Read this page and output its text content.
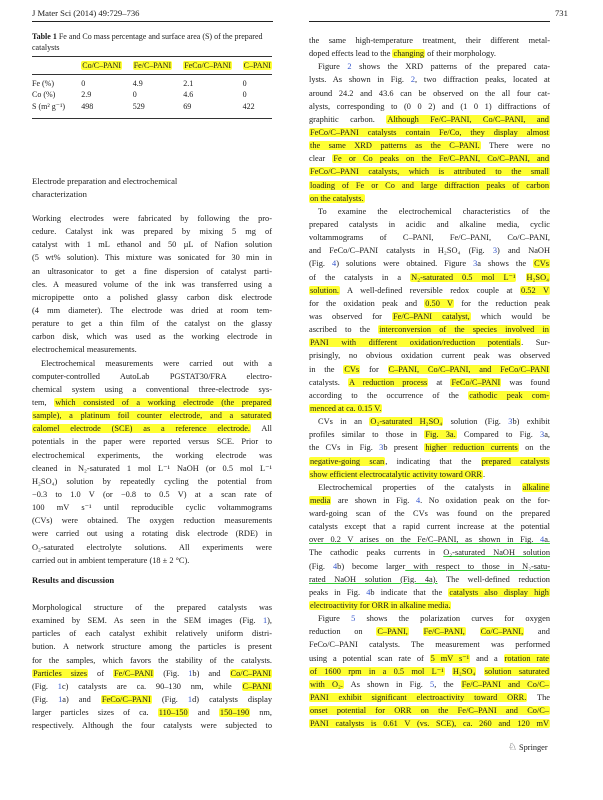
J Mater Sci (2014) 49:729–736	731
Table 1 Fe and Co mass percentage and surface area (S) of the prepared catalysts
	Co/C–PANI	Fe/C–PANI	FeCo/C–PANI	C–PANI
Fe (%)	0	4.9	2.1	0
Co (%)	2.9	0	4.6	0
S (m² g⁻¹)	498	529	69	422
Electrode preparation and electrochemical
characterization
Working electrodes were fabricated by following the pro-
cedure. Catalyst ink was prepared by mixing 5 mg of
catalyst with 1 mL ethanol and 50 µL of Nafion solution
(5 wt% solution). This mixture was sonicated for 30 min in
an ultrasonicator to get a fine dispersion of catalyst parti-
cles. A measured volume of the ink was transferred using a
micropipette onto a polished glassy carbon disk electrode
(4 mm diameter). The electrode was dried at room tem-
perature to get a thin film of the catalyst on the glassy
carbon disk, which was used as the working electrode in
electrochemical measurements.
Electrochemical measurements were carried out with a
computer-controlled AutoLab PGSTAT30/FRA electro-
chemical system using a conventional three-electrode sys-
tem, which consisted of a working electrode (the prepared
sample), a platinum foil counter electrode, and a saturated
calomel electrode (SCE) as a reference electrode. All
potentials in the paper were reported versus SCE. Prior to
electrochemical experiments, the working electrode was
cleaned in N₂-saturated 1 mol L⁻¹ NaOH (or 0.5 mol L⁻¹
H₂SO₄) solution by repeatedly cycling the potential from
−0.3 to 1.0 V (or −0.8 to 0.5 V) at a scan rate of
100 mV s⁻¹ until reproducible cyclic voltammograms
(CVs) were obtained. The oxygen reduction measurements
were carried out using a rotating disk electrode (RDE) in
O₂-saturated electrolyte solutions. All experiments were
carried out in ambient temperature (18 ± 2 °C).
Results and discussion
Morphological structure of the prepared catalysts was
examined by SEM. As seen in the SEM images (Fig. 1),
particles of each catalyst exhibit relatively uniform distri-
bution. A network structure among the particles is present
for the samples, which favors the stability of the catalysts.
Particles sizes of Fe/C–PANI (Fig. 1b) and Co/C–PANI
(Fig. 1c) catalysts are ca. 90–130 nm, while C–PANI
(Fig. 1a) and FeCo/C–PANI (Fig. 1d) catalysts display
larger particles sizes of ca. 110–150 and 150–190 nm,
respectively. Although the four catalysts were subjected to
the same high-temperature treatment, their different metal-
doped effects lead to the changing of their morphology.
Figure 2 shows the XRD patterns of the prepared cata-
lysts. As shown in Fig. 2, two diffraction peaks, located at
around 24.2 and 43.6 can be observed on the all four cat-
alysts, corresponding to (0 0 2) and (1 0 1) diffractions of
graphitic carbon. Although Fe/C–PANI, Co/C–PANI, and
FeCo/C–PANI catalysts contain Fe/Co, they display almost
the same XRD patterns as the C–PANI. There were no
clear Fe or Co peaks on the Fe/C–PANI, Co/C–PANI, and
FeCo/C–PANI catalysts, which is attributed to the small
loading of Fe or Co and large diffraction peaks of carbon
on the catalysts.
To examine the electrochemical characteristics of the
prepared catalysts in acidic and alkaline media, cyclic
voltammograms of C–PANI, Fe/C–PANI, Co/C–PANI,
and FeCo/C–PANI catalysts in H₂SO₄ (Fig. 3) and NaOH
(Fig. 4) solutions were obtained. Figure 3a shows the CVs
of the catalysts in a N₂-saturated 0.5 mol L⁻¹ H₂SO₄
solution. A well-defined reversible redox couple at 0.52 V
for the oxidation peak and 0.50 V for the reduction peak
was observed for Fe/C–PANI catalyst, which would be
ascribed to the interconversion of the species involved in
PANI with different oxidation/reduction potentials. Sur-
prisingly, no obvious oxidation current peak was observed
in the CVs for C–PANI, Co/C–PANI, and FeCo/C–PANI
catalysts. A reduction process at FeCo/C–PANI was found
according to the occurrence of the cathodic peak com-
menced at ca. 0.15 V.
CVs in an O₂-saturated H₂SO₄ solution (Fig. 3b) exhibit
profiles similar to those in Fig. 3a. Compared to Fig. 3a,
the CVs in Fig. 3b present higher reduction currents on the
negative-going scan, indicating that the prepared catalysts
show efficient electrocatalytic activity toward ORR.
Electrochemical properties of the catalysts in alkaline
media are shown in Fig. 4. No oxidation peak on the for-
ward-going scan of the CVs was found on the prepared
catalysts except that a rapid current increase at the potential
over 0.2 V arises on the Fe/C–PANI, as shown in Fig. 4a.
The cathodic peaks currents in O₂-saturated NaOH solution
(Fig. 4b) become larger with respect to those in N₂-satu-
rated NaOH solution (Fig. 4a). The well-defined reduction
peaks in Fig. 4b indicate that the catalysts also display high
electroactivity for ORR in alkaline media.
Figure 5 shows the polarization curves for oxygen
reduction on C–PANI, Fe/C–PANI, Co/C–PANI, and
FeCo/C–PANI catalysts. The measurement was performed
using a potential scan rate of 5 mV s⁻¹ and a rotation rate
of 1600 rpm in a 0.5 mol L⁻¹ H₂SO₄ solution saturated
with O₂. As shown in Fig. 5, the Fe/C–PANI and Co/C–
PANI exhibit significant electroactivity toward ORR. The
onset potential for ORR on the Fe/C–PANI and Co/C–
PANI catalysts is 0.61 V (vs. SCE), ca. 260 and 120 mV
♘ Springer
